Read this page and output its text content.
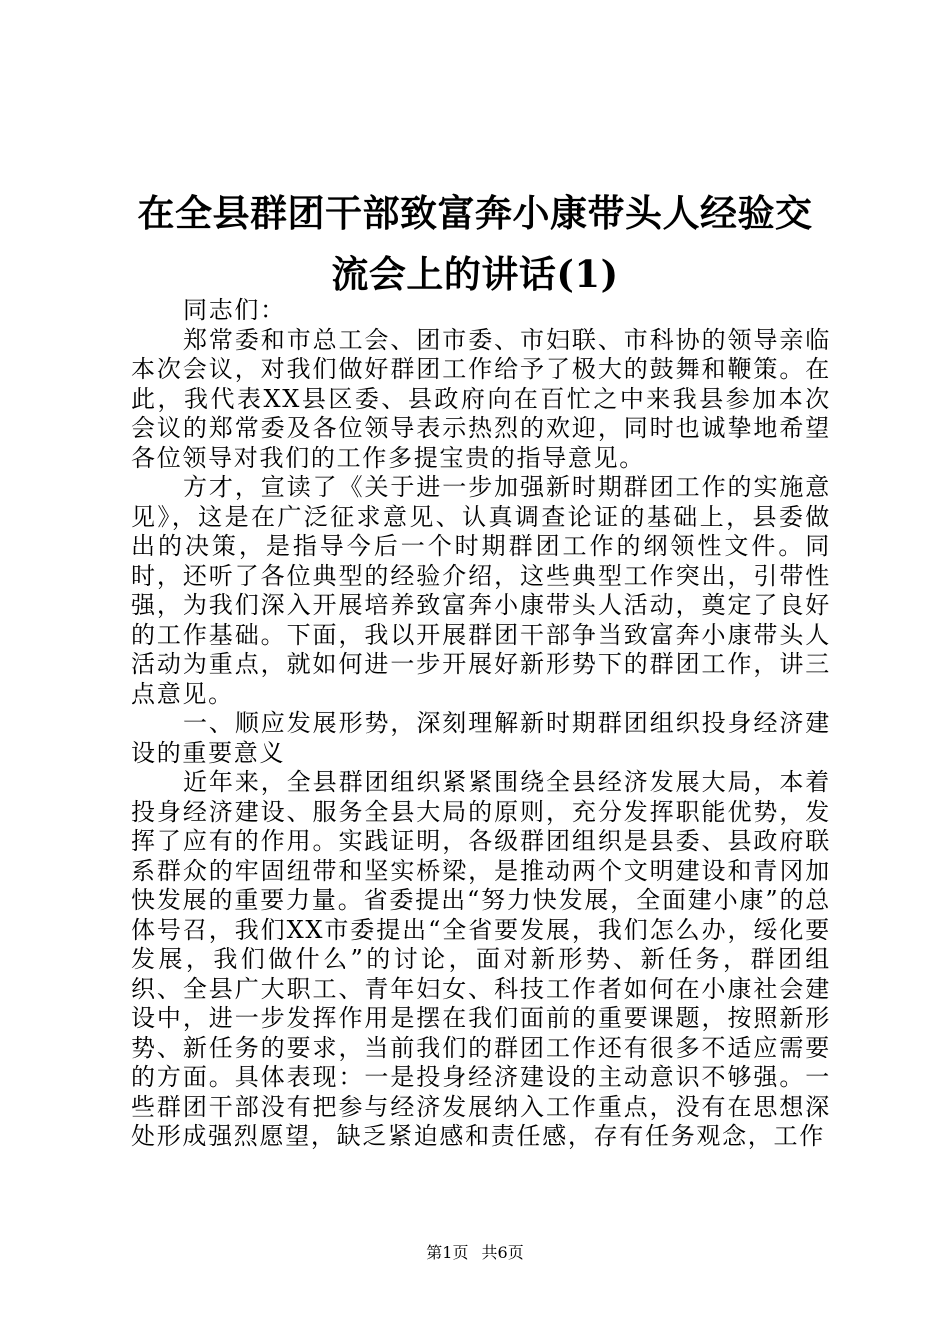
在全县群团干部致富奔小康带头人经验交流会上的讲话(1)

同志们：

郑常委和市总工会、团市委、市妇联、市科协的领导亲临本次会议，对我们做好群团工作给予了极大的鼓舞和鞭策。在此，我代表XX县区委、县政府向在百忙之中来我县参加本次会议的郑常委及各位领导表示热烈的欢迎，同时也诚挚地希望各位领导对我们的工作多提宝贵的指导意见。

方才，宣读了《关于进一步加强新时期群团工作的实施意见》，这是在广泛征求意见、认真调查论证的基础上，县委做出的决策，是指导今后一个时期群团工作的纲领性文件。同时，还听了各位典型的经验介绍，这些典型工作突出，引带性强，为我们深入开展培养致富奔小康带头人活动，奠定了良好的工作基础。下面，我以开展群团干部争当致富奔小康带头人活动为重点，就如何进一步开展好新形势下的群团工作，讲三点意见。

一、顺应发展形势，深刻理解新时期群团组织投身经济建设的重要意义

近年来，全县群团组织紧紧围绕全县经济发展大局，本着投身经济建设、服务全县大局的原则，充分发挥职能优势，发挥了应有的作用。实践证明，各级群团组织是县委、县政府联系群众的牢固纽带和坚实桥梁，是推动两个文明建设和青冈加快发展的重要力量。省委提出“努力快发展，全面建小康”的总体号召，我们XX市委提出“全省要发展，我们怎么办，绥化要发展，我们做什么”的讨论，面对新形势、新任务，群团组织、全县广大职工、青年妇女、科技工作者如何在小康社会建设中，进一步发挥作用是摆在我们面前的重要课题，按照新形势、新任务的要求，当前我们的群团工作还有很多不适应需要的方面。具体表现：一是投身经济建设的主动意识不够强。一些群团干部没有把参与经济发展纳入工作重点，没有在思想深处形成强烈愿望，缺乏紧迫感和责任感，存有任务观念，工作

第1页 共6页
